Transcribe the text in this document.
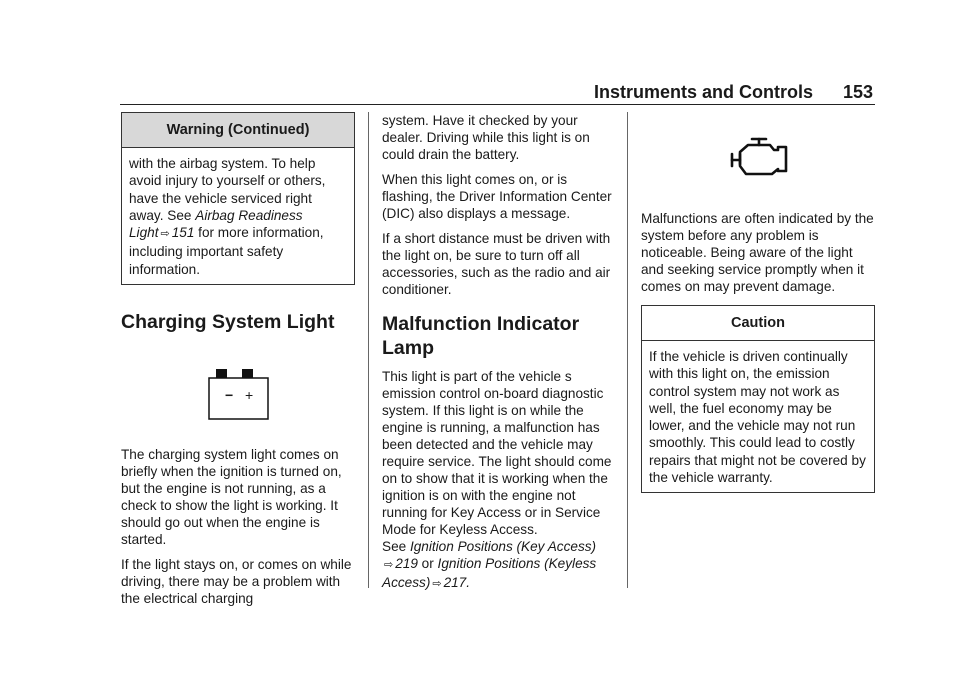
Instruments and Controls 153
Warning (Continued)
with the airbag system. To help avoid injury to yourself or others, have the vehicle serviced right away. See Airbag Readiness Light ⇨ 151 for more information, including important safety information.
Charging System Light
− +

The charging system light comes on briefly when the ignition is turned on, but the engine is not running, as a check to show the light is working. It should go out when the engine is started.

If the light stays on, or comes on while driving, there may be a problem with the electrical charging

system. Have it checked by your dealer. Driving while this light is on could drain the battery.

When this light comes on, or is flashing, the Driver Information Center (DIC) also displays a message.

If a short distance must be driven with the light on, be sure to turn off all accessories, such as the radio and air conditioner.

Malfunction Indicator Lamp

This light is part of the vehicle s emission control on-board diagnostic system. If this light is on while the engine is running, a malfunction has been detected and the vehicle may require service. The light should come on to show that it is working when the ignition is on with the engine not running for Key Access or in Service Mode for Keyless Access.

See Ignition Positions (Key Access)
⇨ 219 or Ignition Positions (Keyless Access) ⇨ 217.

Malfunctions are often indicated by the system before any problem is noticeable. Being aware of the light and seeking service promptly when it comes on may prevent damage.

Caution
If the vehicle is driven continually with this light on, the emission control system may not work as well, the fuel economy may be lower, and the vehicle may not run smoothly. This could lead to costly repairs that might not be covered by the vehicle warranty.
